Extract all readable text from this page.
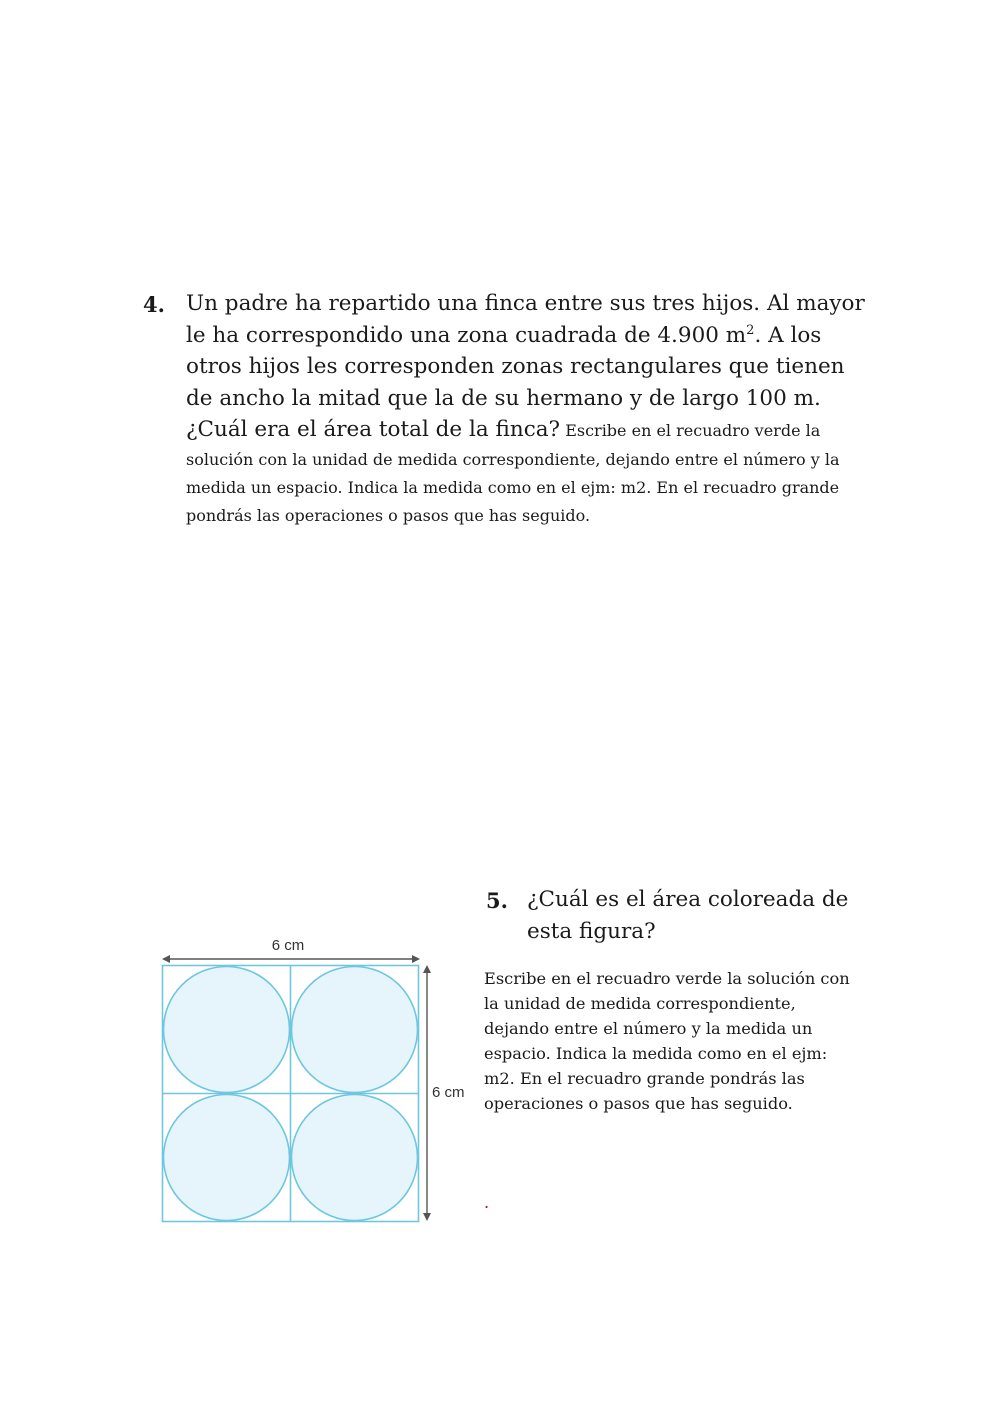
4. Un padre ha repartido una finca entre sus tres hijos. Al mayor le ha correspondido una zona cuadrada de 4.900 $m^2$. A los otros hijos les corresponden zonas rectangulares que tienen de ancho la mitad que la de su hermano y de largo 100 m. ¿Cuál era el área total de la finca? Escribe en el recuadro verde la solución con la unidad de medida correspondiente, dejando entre el número y la medida un espacio. Indica la medida como en el ejm: m2. En el recuadro grande pondrás las operaciones o pasos que has seguido.
6 cm
6 cm
5. ¿Cuál es el área coloreada de esta figura?
Escribe en el recuadro verde la solución con la unidad de medida correspondiente, dejando entre el número y la medida un espacio. Indica la medida como en el ejm: m2. En el recuadro grande pondrás las operaciones o pasos que has seguido.
.
